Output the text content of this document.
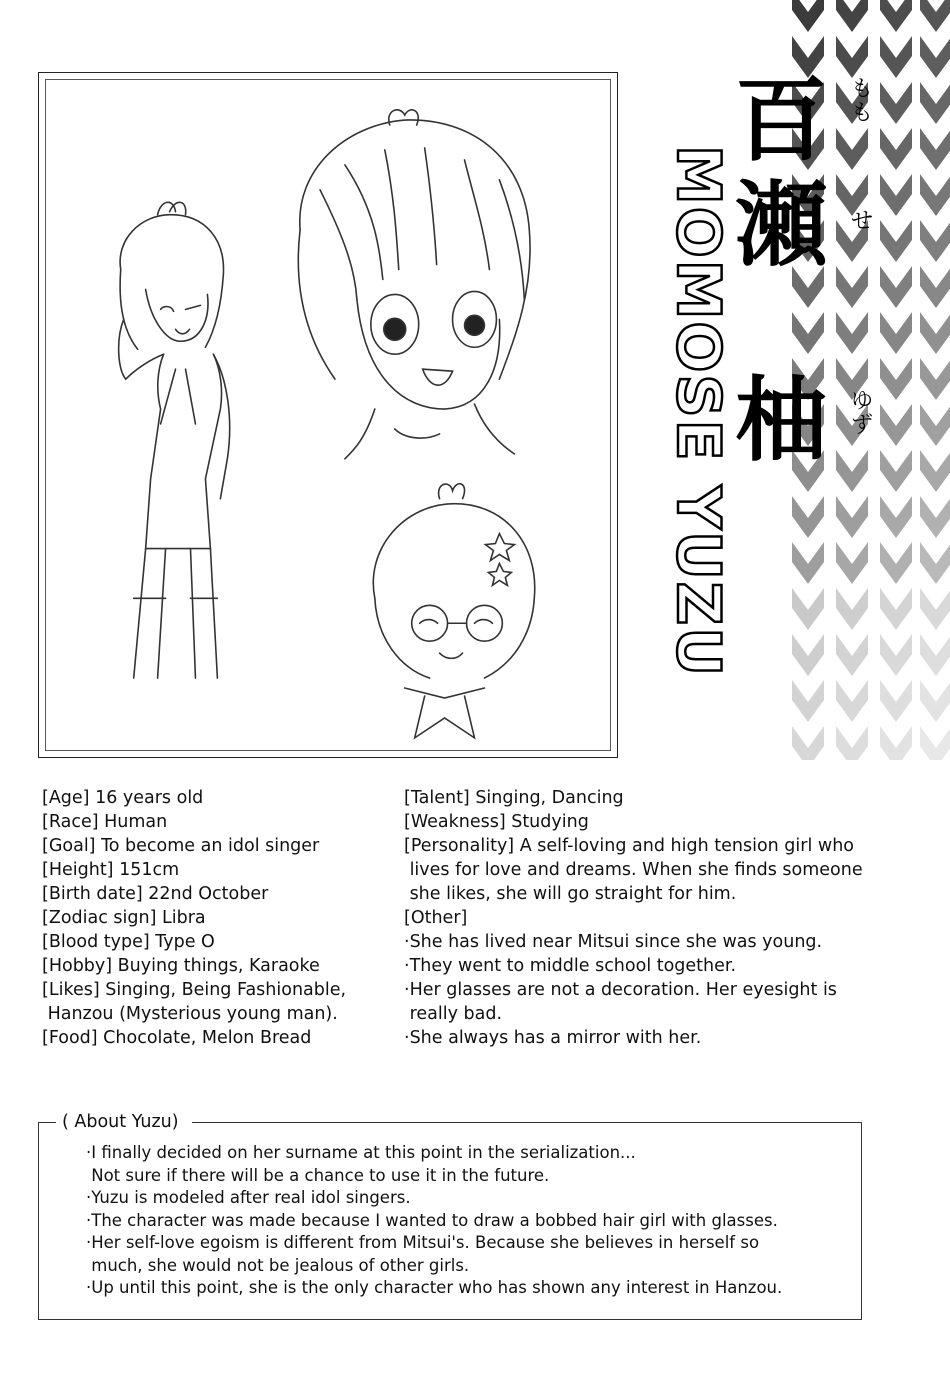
百 もも
瀬 せ
柚 ゆず
MOMOSE YUZU
[Age] 16 years old
[Race] Human
[Goal] To become an idol singer
[Height] 151cm
[Birth date] 22nd October
[Zodiac sign] Libra
[Blood type] Type O
[Hobby] Buying things, Karaoke
[Likes] Singing, Being Fashionable,
Hanzou (Mysterious young man).
[Food] Chocolate, Melon Bread
[Talent] Singing, Dancing
[Weakness] Studying
[Personality] A self-loving and high tension girl who
lives for love and dreams. When she finds someone
she likes, she will go straight for him.
[Other]
·She has lived near Mitsui since she was young.
·They went to middle school together.
·Her glasses are not a decoration. Her eyesight is
really bad.
·She always has a mirror with her.
( About Yuzu)
·I finally decided on her surname at this point in the serialization...
Not sure if there will be a chance to use it in the future.
·Yuzu is modeled after real idol singers.
·The character was made because I wanted to draw a bobbed hair girl with glasses.
·Her self-love egoism is different from Mitsui's. Because she believes in herself so
much, she would not be jealous of other girls.
·Up until this point, she is the only character who has shown any interest in Hanzou.
